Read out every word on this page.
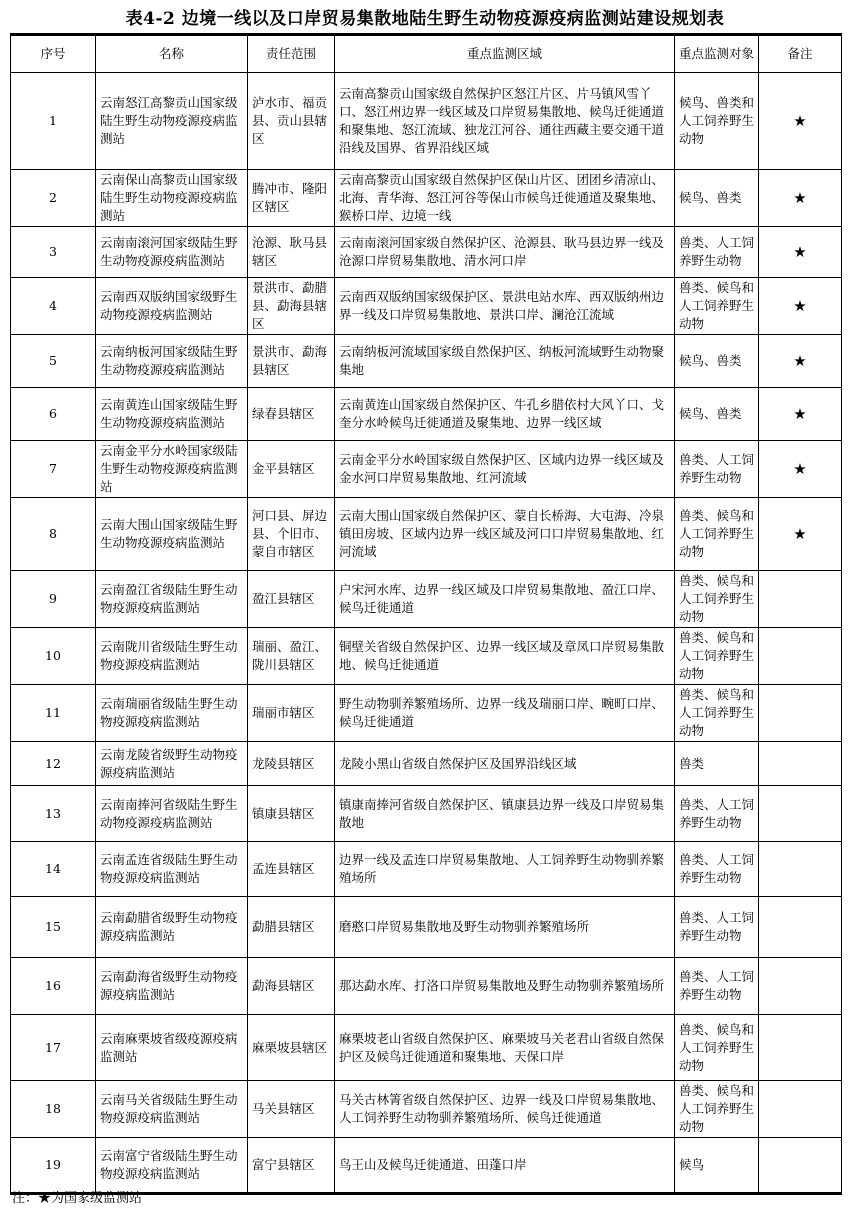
表4-2 边境一线以及口岸贸易集散地陆生野生动物疫源疫病监测站建设规划表
序号	名称	责任范围	重点监测区域	重点监测对象	备注
1	云南怒江高黎贡山国家级陆生野生动物疫源疫病监测站	泸水市、福贡县、贡山县辖区	云南高黎贡山国家级自然保护区怒江片区、片马镇风雪丫口、怒江州边界一线区域及口岸贸易集散地、候鸟迁徙通道和聚集地、怒江流域、独龙江河谷、通往西藏主要交通干道沿线及国界、省界沿线区域	候鸟、兽类和人工饲养野生动物	★
2	云南保山高黎贡山国家级陆生野生动物疫源疫病监测站	腾冲市、隆阳区辖区	云南高黎贡山国家级自然保护区保山片区、团团乡清凉山、北海、青华海、怒江河谷等保山市候鸟迁徙通道及聚集地、猴桥口岸、边境一线	候鸟、兽类	★
3	云南南滚河国家级陆生野生动物疫源疫病监测站	沧源、耿马县辖区	云南南滚河国家级自然保护区、沧源县、耿马县边界一线及沧源口岸贸易集散地、清水河口岸	兽类、人工饲养野生动物	★
4	云南西双版纳国家级野生动物疫源疫病监测站	景洪市、勐腊县、勐海县辖区	云南西双版纳国家级保护区、景洪电站水库、西双版纳州边界一线及口岸贸易集散地、景洪口岸、澜沧江流域	兽类、候鸟和人工饲养野生动物	★
5	云南纳板河国家级陆生野生动物疫源疫病监测站	景洪市、勐海县辖区	云南纳板河流域国家级自然保护区、纳板河流域野生动物聚集地	候鸟、兽类	★
6	云南黄连山国家级陆生野生动物疫源疫病监测站	绿春县辖区	云南黄连山国家级自然保护区、牛孔乡腊依村大风丫口、戈奎分水岭候鸟迁徙通道及聚集地、边界一线区域	候鸟、兽类	★
7	云南金平分水岭国家级陆生野生动物疫源疫病监测站	金平县辖区	云南金平分水岭国家级自然保护区、区域内边界一线区域及金水河口岸贸易集散地、红河流域	兽类、人工饲养野生动物	★
8	云南大围山国家级陆生野生动物疫源疫病监测站	河口县、屏边县、个旧市、蒙自市辖区	云南大围山国家级自然保护区、蒙自长桥海、大屯海、冷泉镇田房坡、区域内边界一线区域及河口口岸贸易集散地、红河流域	兽类、候鸟和人工饲养野生动物	★
9	云南盈江省级陆生野生动物疫源疫病监测站	盈江县辖区	户宋河水库、边界一线区域及口岸贸易集散地、盈江口岸、候鸟迁徙通道	兽类、候鸟和人工饲养野生动物	
10	云南陇川省级陆生野生动物疫源疫病监测站	瑞丽、盈江、陇川县辖区	铜壁关省级自然保护区、边界一线区域及章凤口岸贸易集散地、候鸟迁徙通道	兽类、候鸟和人工饲养野生动物	
11	云南瑞丽省级陆生野生动物疫源疫病监测站	瑞丽市辖区	野生动物驯养繁殖场所、边界一线及瑞丽口岸、畹町口岸、候鸟迁徙通道	兽类、候鸟和人工饲养野生动物	
12	云南龙陵省级野生动物疫源疫病监测站	龙陵县辖区	龙陵小黑山省级自然保护区及国界沿线区域	兽类	
13	云南南捧河省级陆生野生动物疫源疫病监测站	镇康县辖区	镇康南捧河省级自然保护区、镇康县边界一线及口岸贸易集散地	兽类、人工饲养野生动物	
14	云南孟连省级陆生野生动物疫源疫病监测站	孟连县辖区	边界一线及孟连口岸贸易集散地、人工饲养野生动物驯养繁殖场所	兽类、人工饲养野生动物	
15	云南勐腊省级野生动物疫源疫病监测站	勐腊县辖区	磨憨口岸贸易集散地及野生动物驯养繁殖场所	兽类、人工饲养野生动物	
16	云南勐海省级野生动物疫源疫病监测站	勐海县辖区	那达勐水库、打洛口岸贸易集散地及野生动物驯养繁殖场所	兽类、人工饲养野生动物	
17	云南麻栗坡省级疫源疫病监测站	麻栗坡县辖区	麻栗坡老山省级自然保护区、麻栗坡马关老君山省级自然保护区及候鸟迁徙通道和聚集地、天保口岸	兽类、候鸟和人工饲养野生动物	
18	云南马关省级陆生野生动物疫源疫病监测站	马关县辖区	马关古林箐省级自然保护区、边界一线及口岸贸易集散地、人工饲养野生动物驯养繁殖场所、候鸟迁徙通道	兽类、候鸟和人工饲养野生动物	
19	云南富宁省级陆生野生动物疫源疫病监测站	富宁县辖区	鸟王山及候鸟迁徙通道、田蓬口岸	候鸟	
注：★为国家级监测站
